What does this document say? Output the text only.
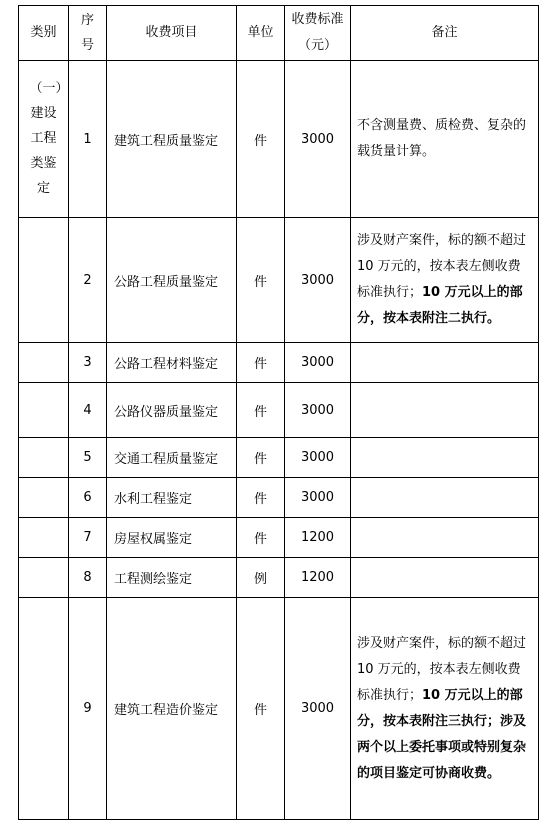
类别	序号	收费项目	单位	收费标准（元）	备注
（一）建设工程类鉴定	1	建筑工程质量鉴定	件	3000	不含测量费、质检费、复杂的载货量计算。
	2	公路工程质量鉴定	件	3000	涉及财产案件，标的额不超过 10 万元的，按本表左侧收费标准执行；10 万元以上的部分，按本表附注二执行。
	3	公路工程材料鉴定	件	3000	
	4	公路仪器质量鉴定	件	3000	
	5	交通工程质量鉴定	件	3000	
	6	水利工程鉴定	件	3000	
	7	房屋权属鉴定	件	1200	
	8	工程测绘鉴定	例	1200	
	9	建筑工程造价鉴定	件	3000	涉及财产案件，标的额不超过 10 万元的，按本表左侧收费标准执行；10 万元以上的部分，按本表附注三执行；涉及两个以上委托事项或特别复杂的项目鉴定可协商收费。
